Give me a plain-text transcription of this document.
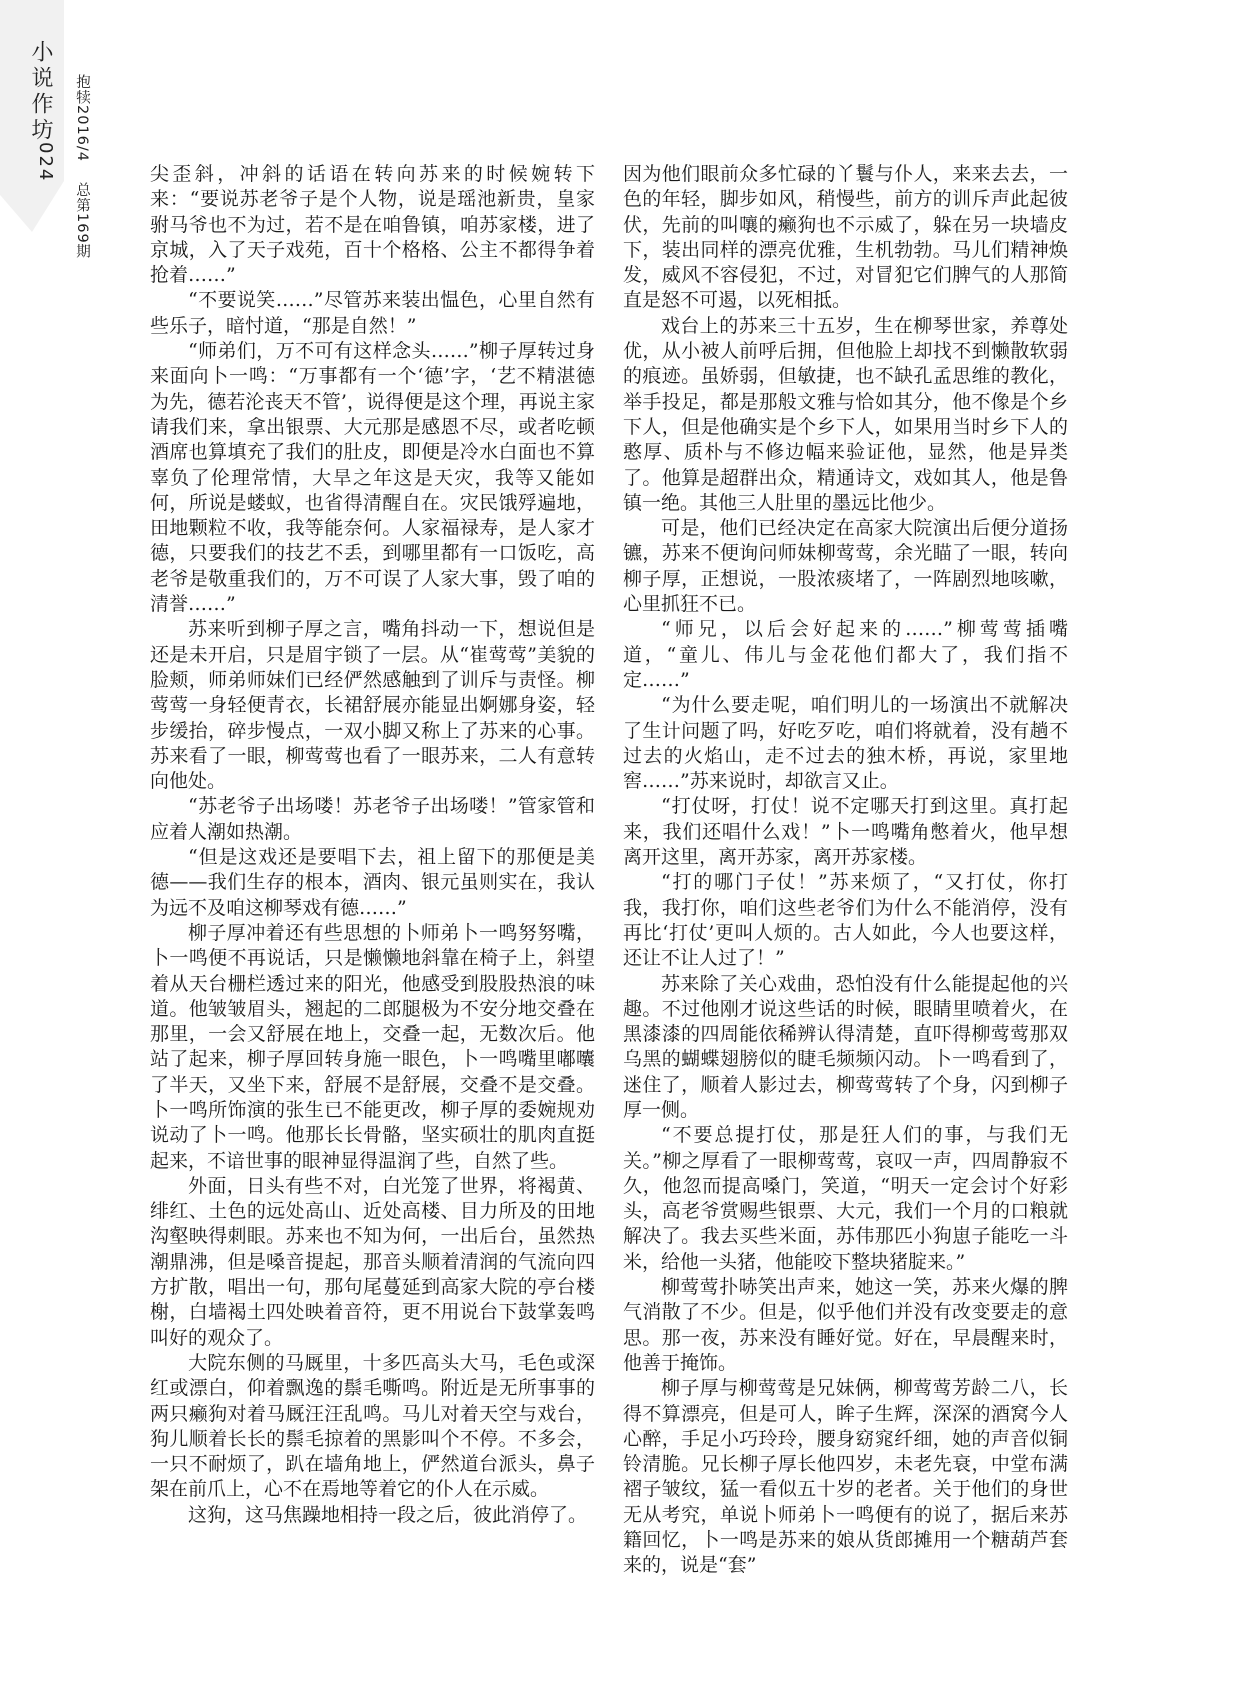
小说作坊
024
抱犊2016/4 总第169期

尖歪斜，冲斜的话语在转向苏来的时候婉转下来：“要说苏老爷子是个人物，说是瑶池新贵，皇家驸马爷也不为过，若不是在咱鲁镇，咱苏家楼，进了京城，入了天子戏苑，百十个格格、公主不都得争着抢着……”

“不要说笑……”尽管苏来装出愠色，心里自然有些乐子，暗忖道，“那是自然！”

“师弟们，万不可有这样念头……”柳子厚转过身来面向卜一鸣：“万事都有一个‘德’字，‘艺不精湛德为先，德若沦丧天不管’，说得便是这个理，再说主家请我们来，拿出银票、大元那是感恩不尽，或者吃顿酒席也算填充了我们的肚皮，即便是冷水白面也不算辜负了伦理常情，大旱之年这是天灾，我等又能如何，所说是蝼蚁，也省得清醒自在。灾民饿殍遍地，田地颗粒不收，我等能奈何。人家福禄寿，是人家才德，只要我们的技艺不丢，到哪里都有一口饭吃，高老爷是敬重我们的，万不可误了人家大事，毁了咱的清誉……”

苏来听到柳子厚之言，嘴角抖动一下，想说但是还是未开启，只是眉宇锁了一层。从“崔莺莺”美貌的脸颊，师弟师妹们已经俨然感触到了训斥与责怪。柳莺莺一身轻便青衣，长裙舒展亦能显出婀娜身姿，轻步缓抬，碎步慢点，一双小脚又称上了苏来的心事。苏来看了一眼，柳莺莺也看了一眼苏来，二人有意转向他处。

“苏老爷子出场喽！苏老爷子出场喽！”管家管和应着人潮如热潮。

“但是这戏还是要唱下去，祖上留下的那便是美德——我们生存的根本，酒肉、银元虽则实在，我认为远不及咱这柳琴戏有德……”

柳子厚冲着还有些思想的卜师弟卜一鸣努努嘴，卜一鸣便不再说话，只是懒懒地斜靠在椅子上，斜望着从天台栅栏透过来的阳光，他感受到股股热浪的味道。他皱皱眉头，翘起的二郎腿极为不安分地交叠在那里，一会又舒展在地上，交叠一起，无数次后。他站了起来，柳子厚回转身施一眼色，卜一鸣嘴里嘟囔了半天，又坐下来，舒展不是舒展，交叠不是交叠。卜一鸣所饰演的张生已不能更改，柳子厚的委婉规劝说动了卜一鸣。他那长长骨骼，坚实硕壮的肌肉直挺起来，不谙世事的眼神显得温润了些，自然了些。

外面，日头有些不对，白光笼了世界，将褐黄、绯红、土色的远处高山、近处高楼、目力所及的田地沟壑映得刺眼。苏来也不知为何，一出后台，虽然热潮鼎沸，但是嗓音提起，那音头顺着清润的气流向四方扩散，唱出一句，那句尾蔓延到高家大院的亭台楼榭，白墙褐土四处映着音符，更不用说台下鼓掌轰鸣叫好的观众了。

大院东侧的马厩里，十多匹高头大马，毛色或深红或漂白，仰着飘逸的鬃毛嘶鸣。附近是无所事事的两只癞狗对着马厩汪汪乱鸣。马儿对着天空与戏台，狗儿顺着长长的鬃毛掠着的黑影叫个不停。不多会，一只不耐烦了，趴在墙角地上，俨然道台派头，鼻子架在前爪上，心不在焉地等着它的仆人在示威。

这狗，这马焦躁地相持一段之后，彼此消停了。

因为他们眼前众多忙碌的丫鬟与仆人，来来去去，一色的年轻，脚步如风，稍慢些，前方的训斥声此起彼伏，先前的叫嚷的癞狗也不示威了，躲在另一块墙皮下，装出同样的漂亮优雅，生机勃勃。马儿们精神焕发，威风不容侵犯，不过，对冒犯它们脾气的人那简直是怒不可遏，以死相抵。

戏台上的苏来三十五岁，生在柳琴世家，养尊处优，从小被人前呼后拥，但他脸上却找不到懒散软弱的痕迹。虽娇弱，但敏捷，也不缺孔孟思维的教化，举手投足，都是那般文雅与恰如其分，他不像是个乡下人，但是他确实是个乡下人，如果用当时乡下人的憨厚、质朴与不修边幅来验证他，显然，他是异类了。他算是超群出众，精通诗文，戏如其人，他是鲁镇一绝。其他三人肚里的墨远比他少。

可是，他们已经决定在高家大院演出后便分道扬镳，苏来不便询问师妹柳莺莺，余光瞄了一眼，转向柳子厚，正想说，一股浓痰堵了，一阵剧烈地咳嗽，心里抓狂不已。

“师兄，以后会好起来的……”柳莺莺插嘴道，“童儿、伟儿与金花他们都大了，我们指不定……”

“为什么要走呢，咱们明儿的一场演出不就解决了生计问题了吗，好吃歹吃，咱们将就着，没有趟不过去的火焰山，走不过去的独木桥，再说，家里地窖……”苏来说时，却欲言又止。

“打仗呀，打仗！说不定哪天打到这里。真打起来，我们还唱什么戏！”卜一鸣嘴角憋着火，他早想离开这里，离开苏家，离开苏家楼。

“打的哪门子仗！”苏来烦了，“又打仗，你打我，我打你，咱们这些老爷们为什么不能消停，没有再比‘打仗’更叫人烦的。古人如此，今人也要这样，还让不让人过了！”

苏来除了关心戏曲，恐怕没有什么能提起他的兴趣。不过他刚才说这些话的时候，眼睛里喷着火，在黑漆漆的四周能依稀辨认得清楚，直吓得柳莺莺那双乌黑的蝴蝶翅膀似的睫毛频频闪动。卜一鸣看到了，迷住了，顺着人影过去，柳莺莺转了个身，闪到柳子厚一侧。

“不要总提打仗，那是狂人们的事，与我们无关。”柳之厚看了一眼柳莺莺，哀叹一声，四周静寂不久，他忽而提高嗓门，笑道，“明天一定会讨个好彩头，高老爷赏赐些银票、大元，我们一个月的口粮就解决了。我去买些米面，苏伟那匹小狗崽子能吃一斗米，给他一头猪，他能咬下整块猪腚来。”

柳莺莺扑哧笑出声来，她这一笑，苏来火爆的脾气消散了不少。但是，似乎他们并没有改变要走的意思。那一夜，苏来没有睡好觉。好在，早晨醒来时，他善于掩饰。

柳子厚与柳莺莺是兄妹俩，柳莺莺芳龄二八，长得不算漂亮，但是可人，眸子生辉，深深的酒窝今人心醉，手足小巧玲玲，腰身窈窕纤细，她的声音似铜铃清脆。兄长柳子厚长他四岁，未老先衰，中堂布满褶子皱纹，猛一看似五十岁的老者。关于他们的身世无从考究，单说卜师弟卜一鸣便有的说了，据后来苏籍回忆，卜一鸣是苏来的娘从货郎摊用一个糖葫芦套来的，说是“套”
